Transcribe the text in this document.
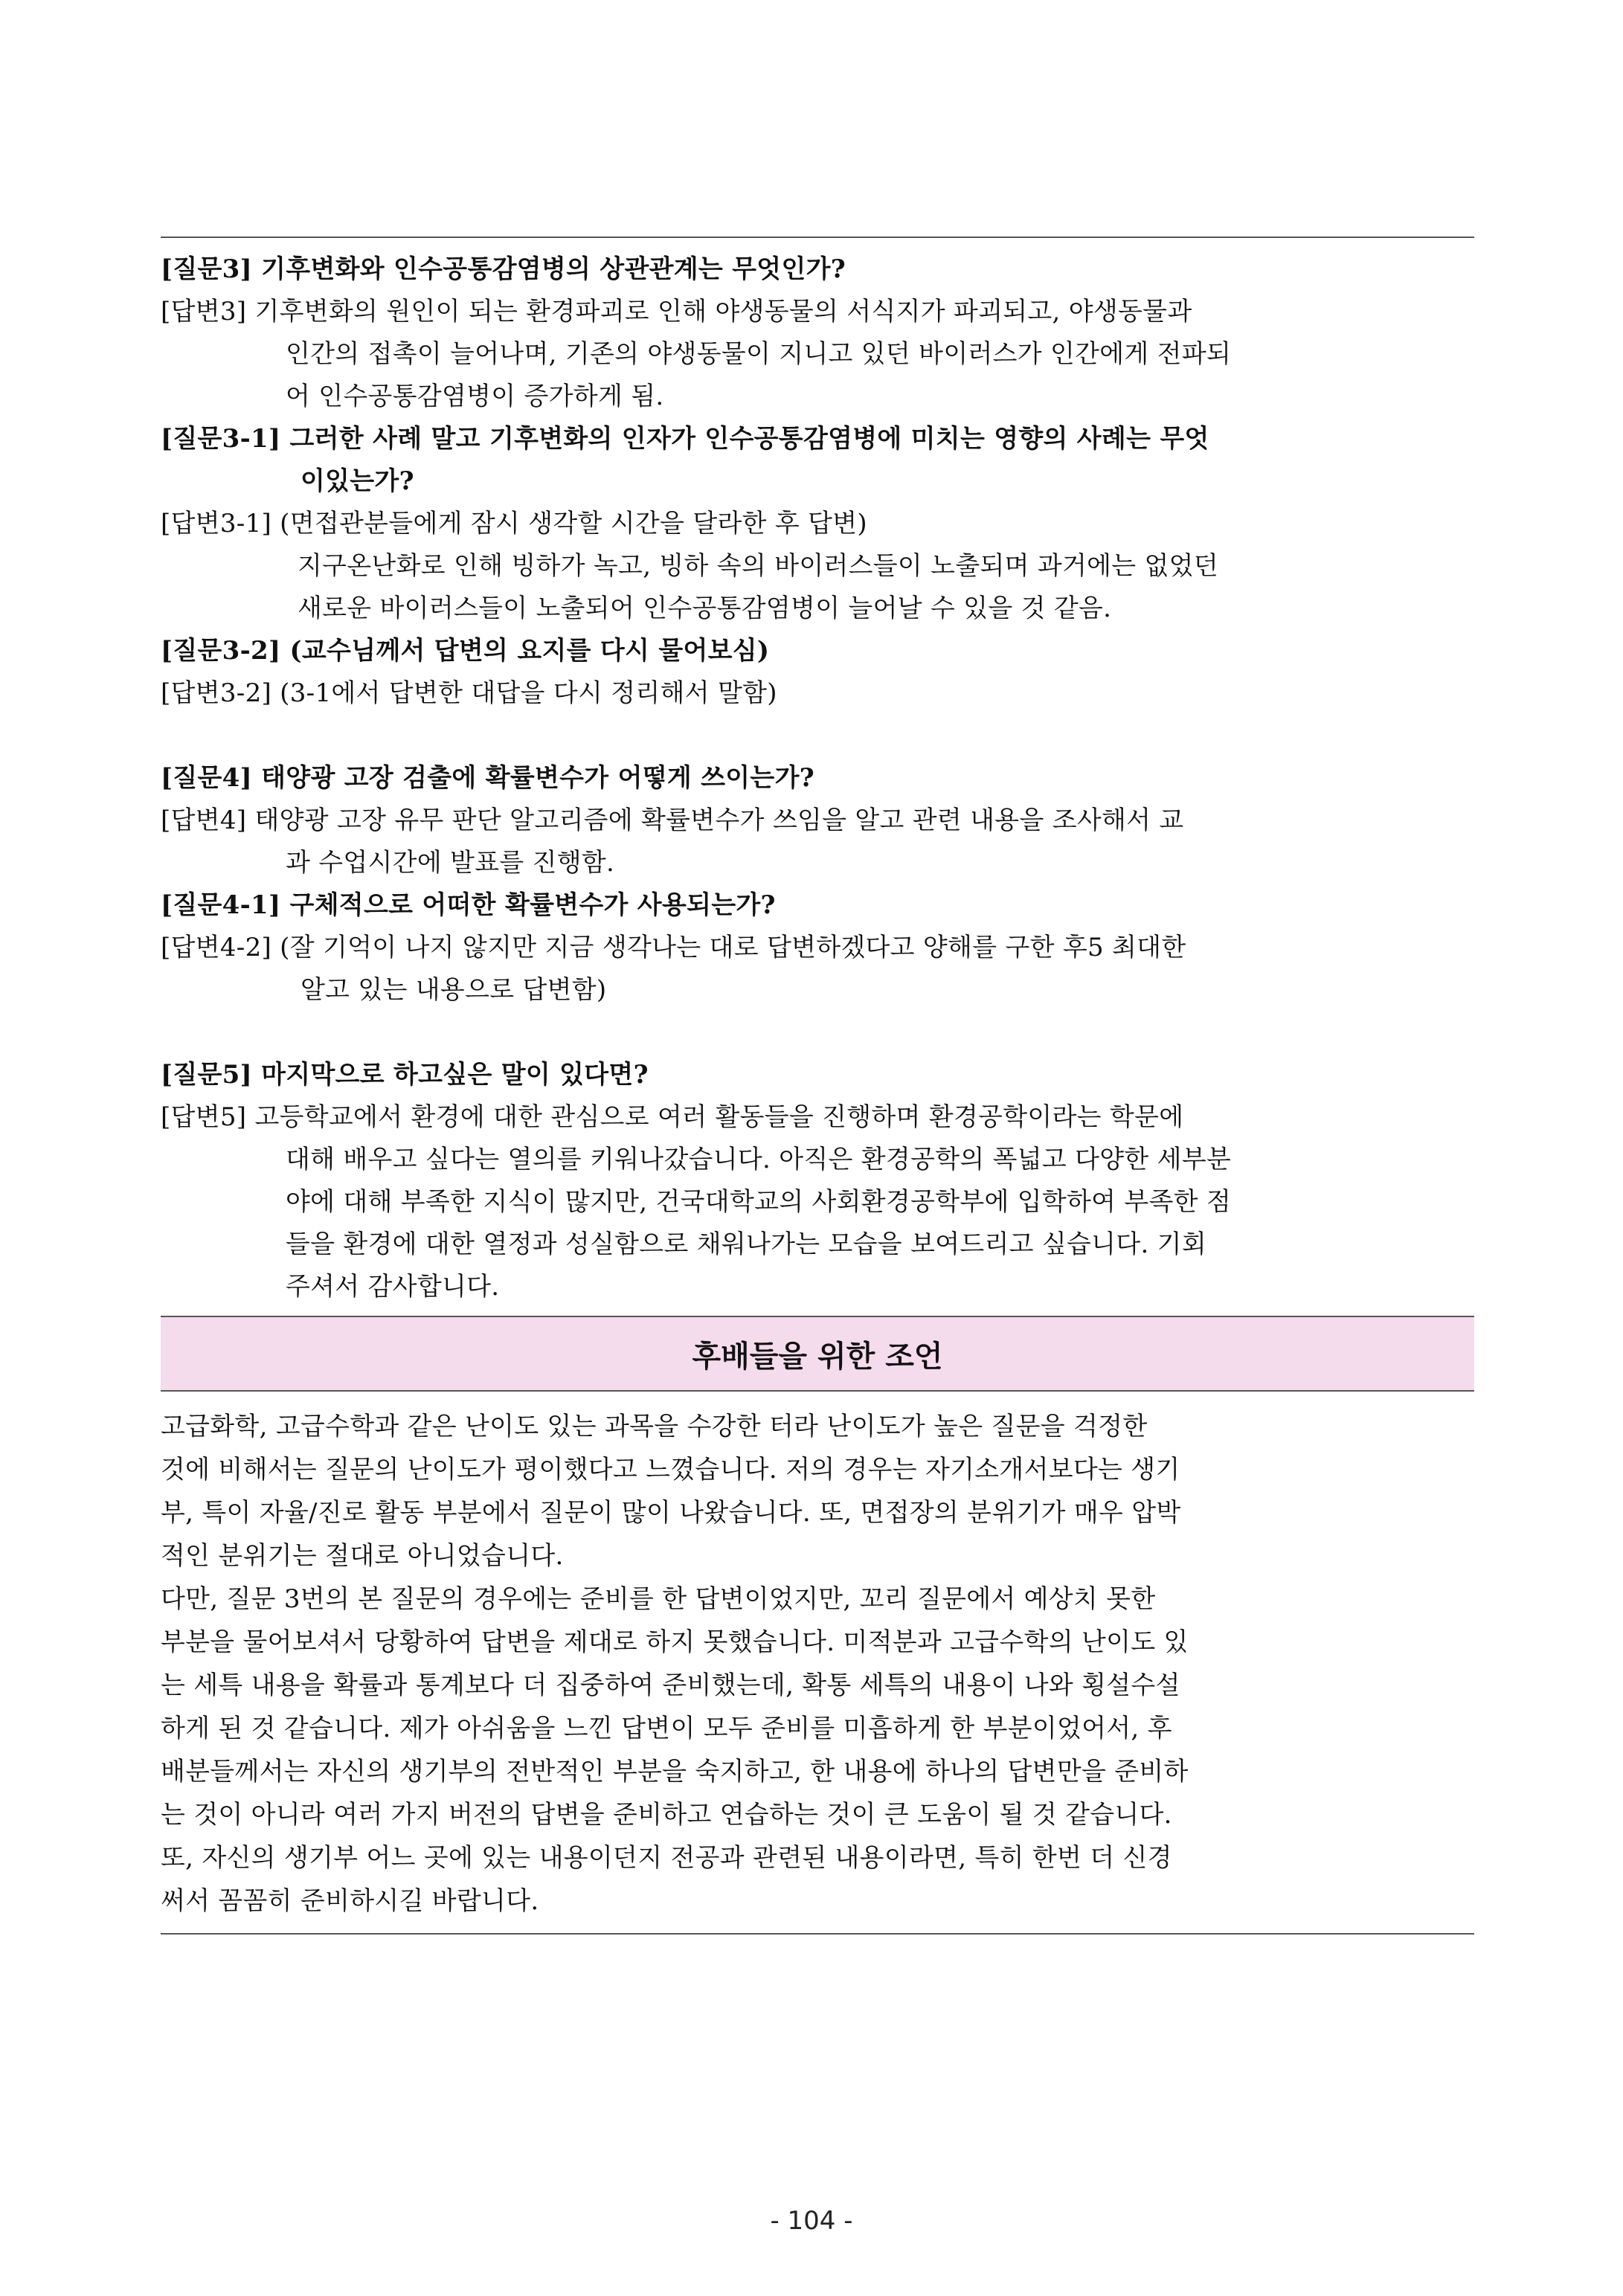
[질문3] 기후변화와 인수공통감염병의 상관관계는 무엇인가?
[답변3] 기후변화의 원인이 되는 환경파괴로 인해 야생동물의 서식지가 파괴되고, 야생동물과
인간의 접촉이 늘어나며, 기존의 야생동물이 지니고 있던 바이러스가 인간에게 전파되
어 인수공통감염병이 증가하게 됨.
[질문3-1] 그러한 사례 말고 기후변화의 인자가 인수공통감염병에 미치는 영향의 사례는 무엇
이있는가?
[답변3-1] (면접관분들에게 잠시 생각할 시간을 달라한 후 답변)
지구온난화로 인해 빙하가 녹고, 빙하 속의 바이러스들이 노출되며 과거에는 없었던
새로운 바이러스들이 노출되어 인수공통감염병이 늘어날 수 있을 것 같음.
[질문3-2] (교수님께서 답변의 요지를 다시 물어보심)
[답변3-2] (3-1에서 답변한 대답을 다시 정리해서 말함)
[질문4] 태양광 고장 검출에 확률변수가 어떻게 쓰이는가?
[답변4] 태양광 고장 유무 판단 알고리즘에 확률변수가 쓰임을 알고 관련 내용을 조사해서 교
과 수업시간에 발표를 진행함.
[질문4-1] 구체적으로 어떠한 확률변수가 사용되는가?
[답변4-2] (잘 기억이 나지 않지만 지금 생각나는 대로 답변하겠다고 양해를 구한 후5 최대한
알고 있는 내용으로 답변함)
[질문5] 마지막으로 하고싶은 말이 있다면?
[답변5] 고등학교에서 환경에 대한 관심으로 여러 활동들을 진행하며 환경공학이라는 학문에
대해 배우고 싶다는 열의를 키워나갔습니다. 아직은 환경공학의 폭넓고 다양한 세부분
야에 대해 부족한 지식이 많지만, 건국대학교의 사회환경공학부에 입학하여 부족한 점
들을 환경에 대한 열정과 성실함으로 채워나가는 모습을 보여드리고 싶습니다. 기회
주셔서 감사합니다.
후배들을 위한 조언
고급화학, 고급수학과 같은 난이도 있는 과목을 수강한 터라 난이도가 높은 질문을 걱정한
것에 비해서는 질문의 난이도가 평이했다고 느꼈습니다. 저의 경우는 자기소개서보다는 생기
부, 특이 자율/진로 활동 부분에서 질문이 많이 나왔습니다. 또, 면접장의 분위기가 매우 압박
적인 분위기는 절대로 아니었습니다.
다만, 질문 3번의 본 질문의 경우에는 준비를 한 답변이었지만, 꼬리 질문에서 예상치 못한
부분을 물어보셔서 당황하여 답변을 제대로 하지 못했습니다. 미적분과 고급수학의 난이도 있
는 세특 내용을 확률과 통계보다 더 집중하여 준비했는데, 확통 세특의 내용이 나와 횡설수설
하게 된 것 같습니다. 제가 아쉬움을 느낀 답변이 모두 준비를 미흡하게 한 부분이었어서, 후
배분들께서는 자신의 생기부의 전반적인 부분을 숙지하고, 한 내용에 하나의 답변만을 준비하
는 것이 아니라 여러 가지 버전의 답변을 준비하고 연습하는 것이 큰 도움이 될 것 같습니다.
또, 자신의 생기부 어느 곳에 있는 내용이던지 전공과 관련된 내용이라면, 특히 한번 더 신경
써서 꼼꼼히 준비하시길 바랍니다.
- 104 -
